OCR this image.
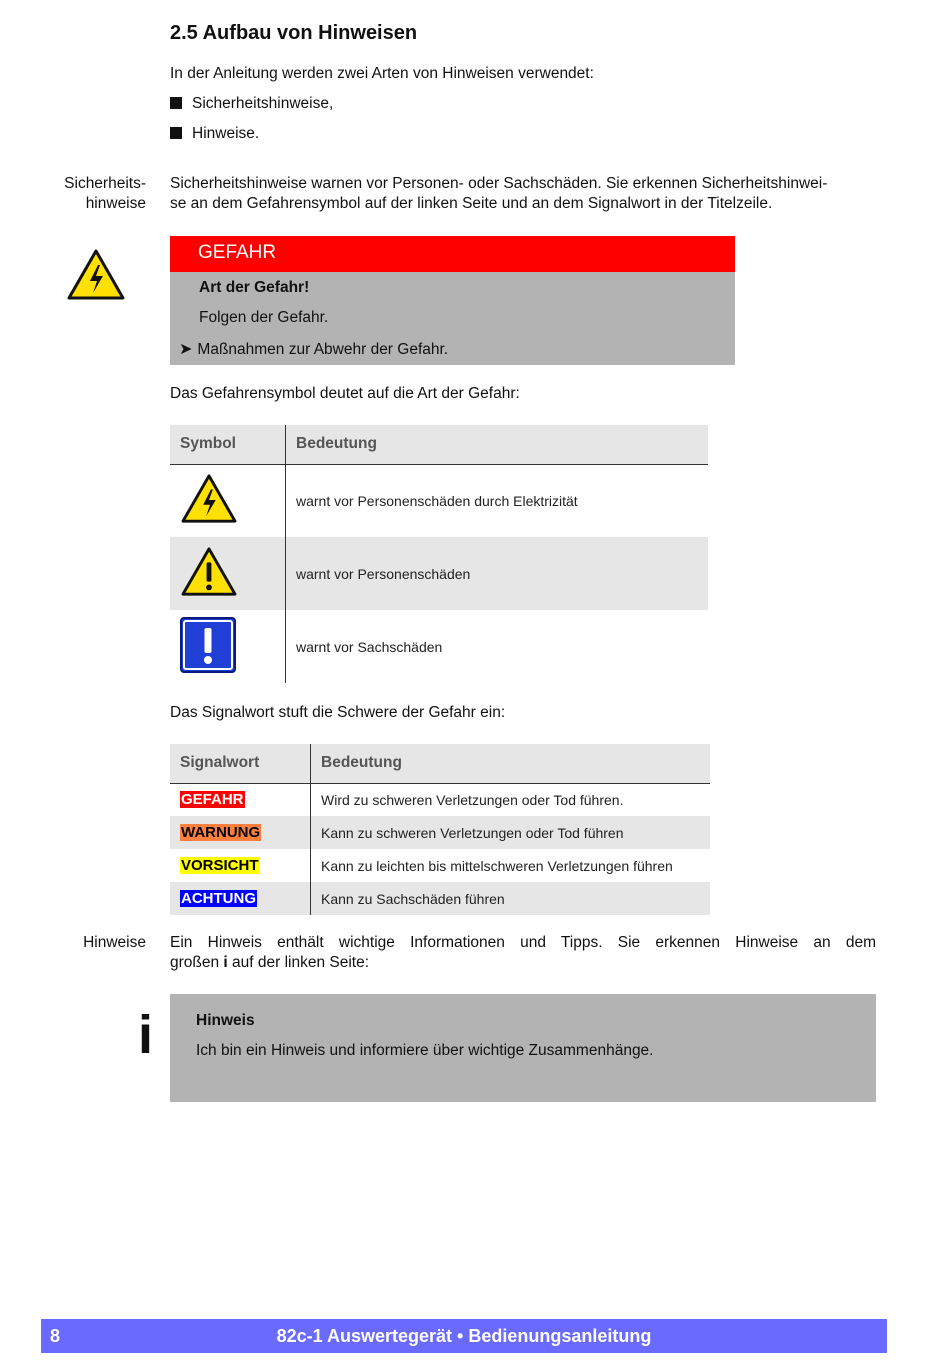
2.5 Aufbau von Hinweisen
In der Anleitung werden zwei Arten von Hinweisen verwendet:
Sicherheitshinweise,
Hinweise.
Sicherheits-
hinweise
Sicherheitshinweise warnen vor Personen- oder Sachschäden. Sie erkennen Sicherheitshinwei-
se an dem Gefahrensymbol auf der linken Seite und an dem Signalwort in der Titelzeile.
GEFAHR
Art der Gefahr!
Folgen der Gefahr.
➤ Maßnahmen zur Abwehr der Gefahr.
Das Gefahrensymbol deutet auf die Art der Gefahr:
Symbol	Bedeutung
	warnt vor Personenschäden durch Elektrizität
	warnt vor Personenschäden
	warnt vor Sachschäden
Das Signalwort stuft die Schwere der Gefahr ein:
Signalwort	Bedeutung
GEFAHR	Wird zu schweren Verletzungen oder Tod führen.
WARNUNG	Kann zu schweren Verletzungen oder Tod führen
VORSICHT	Kann zu leichten bis mittelschweren Verletzungen führen
ACHTUNG	Kann zu Sachschäden führen
Hinweise Ein Hinweis enthält wichtige Informationen und Tipps. Sie erkennen Hinweise an dem
großen i auf der linken Seite:
i	Hinweis
Ich bin ein Hinweis und informiere über wichtige Zusammenhänge.
8	82c-1 Auswertegerät • Bedienungsanleitung
